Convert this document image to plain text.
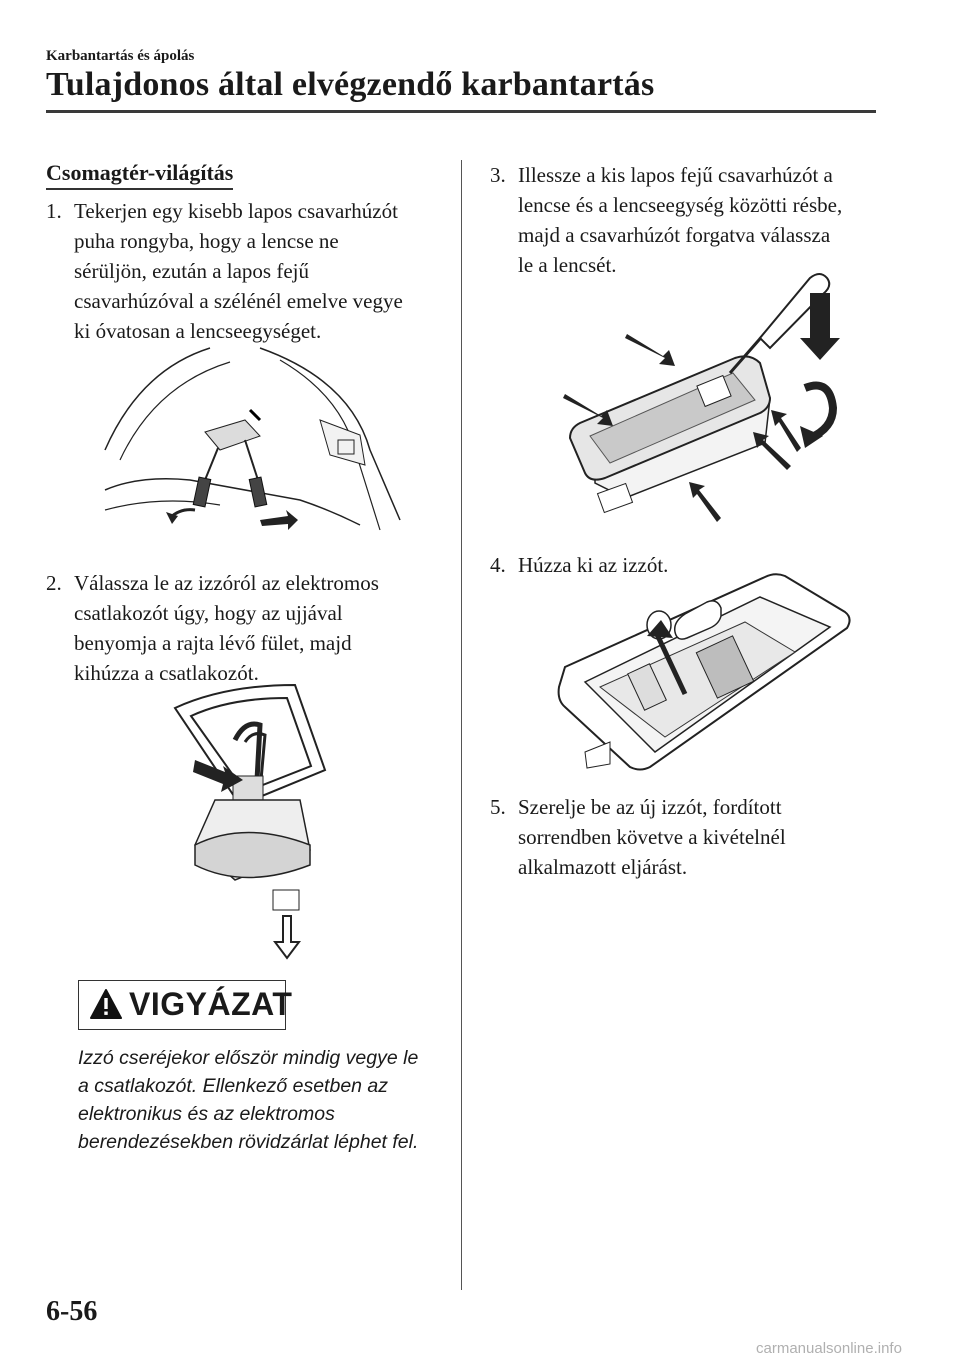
Karbantartás és ápolás
Tulajdonos által elvégzendő karbantartás
Csomagtér-világítás
1. Tekerjen egy kisebb lapos csavarhúzót
puha rongyba, hogy a lencse ne
sérüljön, ezután a lapos fejű
csavarhúzóval a szélénél emelve vegye
ki óvatosan a lencseegységet.
2. Válassza le az izzóról az elektromos
csatlakozót úgy, hogy az ujjával
benyomja a rajta lévő fület, majd
kihúzza a csatlakozót.
VIGYÁZAT
Izzó cseréjekor először mindig vegye le
a csatlakozót. Ellenkező esetben az
elektronikus és az elektromos
berendezésekben rövidzárlat léphet fel.
3. Illessze a kis lapos fejű csavarhúzót a
lencse és a lencseegység közötti résbe,
majd a csavarhúzót forgatva válassza
le a lencsét.
4. Húzza ki az izzót.
5. Szerelje be az új izzót, fordított
sorrendben követve a kivételnél
alkalmazott eljárást.
6-56
carmanualsonline.info
